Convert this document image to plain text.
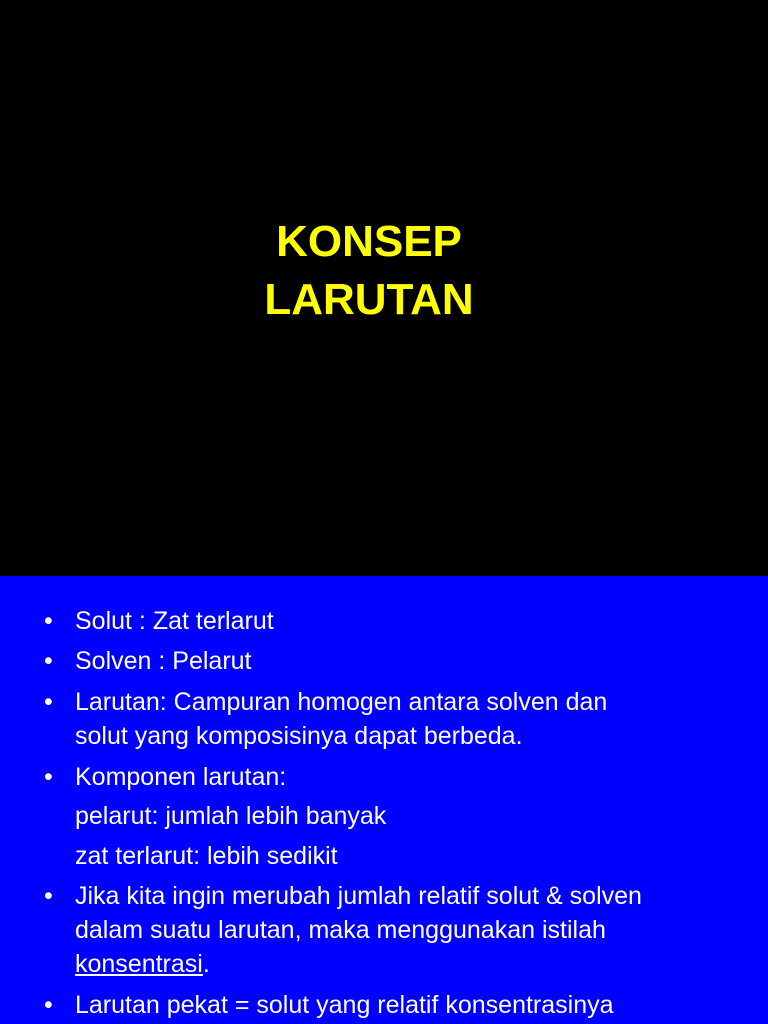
KONSEP
LARUTAN
• Solut : Zat terlarut
• Solven : Pelarut
• Larutan: Campuran homogen antara solven dan
solut yang komposisinya dapat berbeda.
• Komponen larutan:
pelarut: jumlah lebih banyak
zat terlarut: lebih sedikit
• Jika kita ingin merubah jumlah relatif solut & solven
dalam suatu larutan, maka menggunakan istilah
konsentrasi.
• Larutan pekat = solut yang relatif konsentrasinya
